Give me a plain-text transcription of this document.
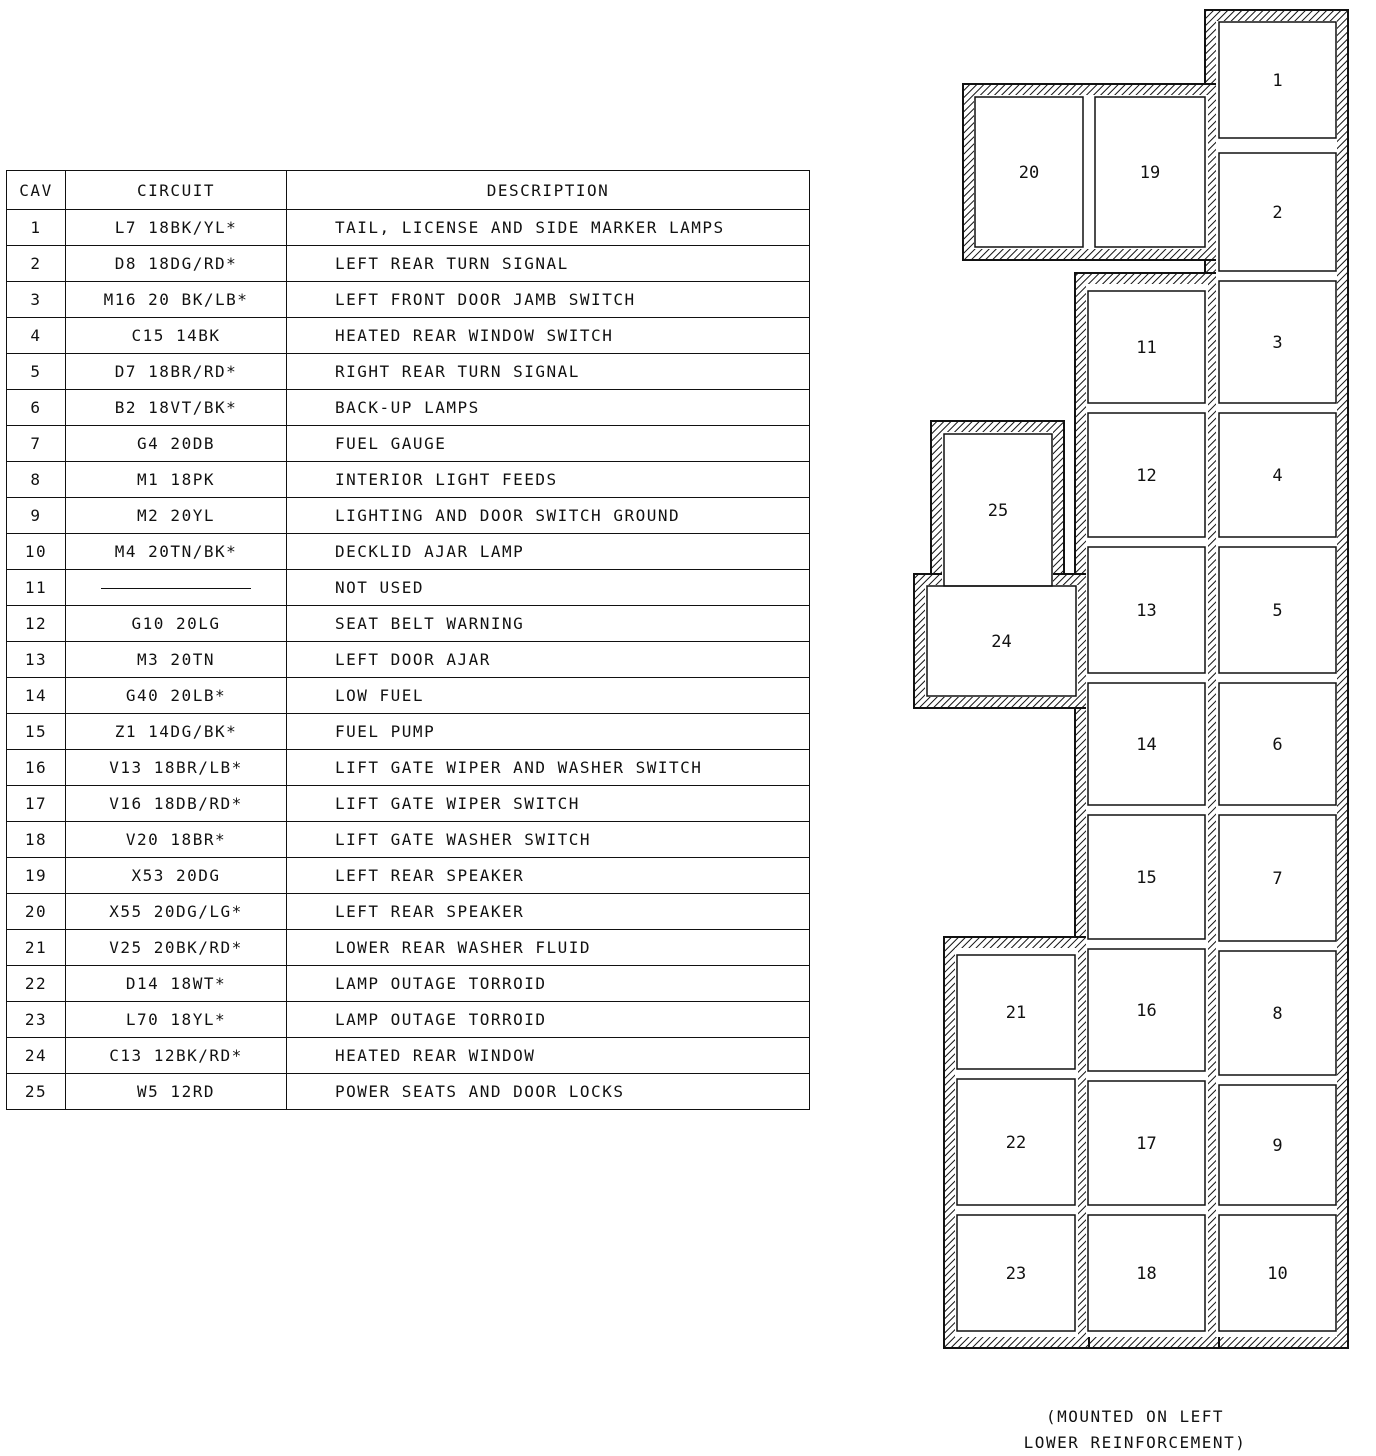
CAV	CIRCUIT	DESCRIPTION
1	L7 18BK/YL*	TAIL, LICENSE AND SIDE MARKER LAMPS
2	D8 18DG/RD*	LEFT REAR TURN SIGNAL
3	M16 20 BK/LB*	LEFT FRONT DOOR JAMB SWITCH
4	C15 14BK	HEATED REAR WINDOW SWITCH
5	D7 18BR/RD*	RIGHT REAR TURN SIGNAL
6	B2 18VT/BK*	BACK-UP LAMPS
7	G4 20DB	FUEL GAUGE
8	M1 18PK	INTERIOR LIGHT FEEDS
9	M2 20YL	LIGHTING AND DOOR SWITCH GROUND
10	M4 20TN/BK*	DECKLID AJAR LAMP
11		NOT USED
12	G10 20LG	SEAT BELT WARNING
13	M3 20TN	LEFT DOOR AJAR
14	G40 20LB*	LOW FUEL
15	Z1 14DG/BK*	FUEL PUMP
16	V13 18BR/LB*	LIFT GATE WIPER AND WASHER SWITCH
17	V16 18DB/RD*	LIFT GATE WIPER SWITCH
18	V20 18BR*	LIFT GATE WASHER SWITCH
19	X53 20DG	LEFT REAR SPEAKER
20	X55 20DG/LG*	LEFT REAR SPEAKER
21	V25 20BK/RD*	LOWER REAR WASHER FLUID
22	D14 18WT*	LAMP OUTAGE TORROID
23	L70 18YL*	LAMP OUTAGE TORROID
24	C13 12BK/RD*	HEATED REAR WINDOW
25	W5 12RD	POWER SEATS AND DOOR LOCKS
1
2
3
4
5
6
7
8
9
10
11
12
13
14
15
16
17
18
21
22
23
20	19
25
24
(MOUNTED ON LEFT
LOWER REINFORCEMENT)
